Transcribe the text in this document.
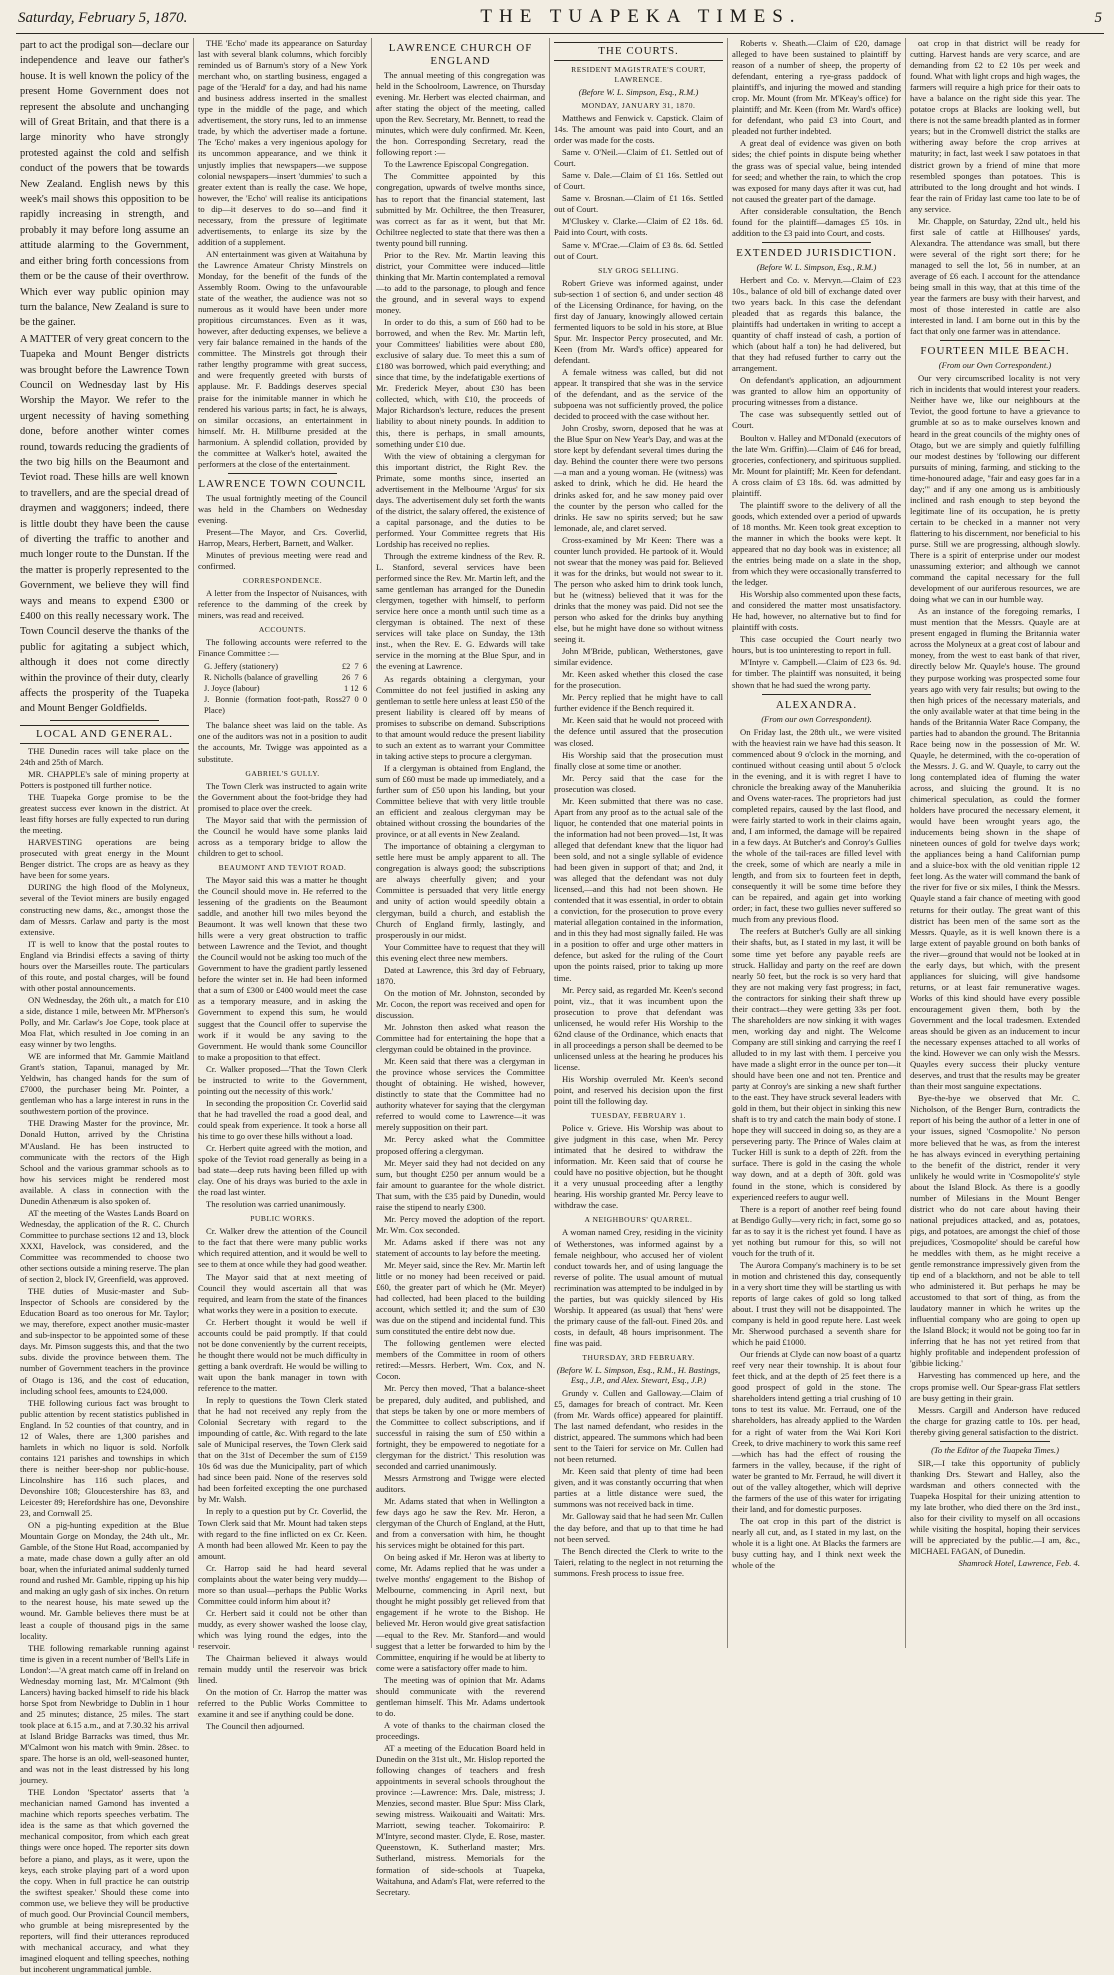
Saturday, February 5, 1870.	THE TUAPEKA TIMES.	5

part to act the prodigal son—declare our independence and leave our father's house. It is well known the policy of the present Home Government does not represent the absolute and unchanging will of Great Britain, and that there is a large minority who have strongly protested against the cold and selfish conduct of the powers that be towards New Zealand. English news by this week's mail shows this opposition to be rapidly increasing in strength, and probably it may before long assume an attitude alarming to the Government, and either bring forth concessions from them or be the cause of their overthrow. Which ever way public opinion may turn the balance, New Zealand is sure to be the gainer.

A MATTER of very great concern to the Tuapeka and Mount Benger districts was brought before the Lawrence Town Council on Wednesday last by His Worship the Mayor. We refer to the urgent necessity of having something done, before another winter comes round, towards reducing the gradients of the two big hills on the Beaumont and Teviot road. These hills are well known to travellers, and are the special dread of draymen and waggoners; indeed, there is little doubt they have been the cause of diverting the traffic to another and much longer route to the Dunstan. If the the matter is properly represented to the Government, we believe they will find ways and means to expend £300 or £400 on this really necessary work. The Town Council deserve the thanks of the public for agitating a subject which, although it does not come directly within the province of their duty, clearly affects the prosperity of the Tuapeka and Mount Benger Goldfields.

LOCAL AND GENERAL.

THE Dunedin races will take place on the 24th and 25th of March.

MR. CHAPPLE's sale of mining property at Potters is postponed till further notice.

THE Tuapeka Gorge promise to be the greatest success ever known in the district. At least fifty horses are fully expected to run during the meeting.

HARVESTING operations are being prosecuted with great energy in the Mount Benger district. The crops are as heavy as they have been for some years.

DURING the high flood of the Molyneux, several of the Teviot miners are busily engaged constructing new dams, &c., amongst those the dam of Messrs. Carlaw and party is the most extensive.

IT is well to know that the postal routes to England via Brindisi effects a saving of thirty hours over the Marseilles route. The particulars of this route, and postal charges, will be found with other postal announcements.

ON Wednesday, the 26th ult., a match for £10 a side, distance 1 mile, between Mr. M'Pherson's Polly, and Mr. Carlaw's Joe Cope, took place at Moa Flat, which resulted in Joe coming in an easy winner by two lengths.

WE are informed that Mr. Gammie Maitland Grant's station, Tapanui, managed by Mr. Yeldwin, has changed hands for the sum of £7000, the purchaser being Mr. Pointer, a gentleman who has a large interest in runs in the southwestern portion of the province.

THE Drawing Master for the province, Mr. Donald Hutton, arrived by the Christina M'Ausland. He has been instructed to communicate with the rectors of the High School and the various grammar schools as to how his services might be rendered most available. A class in connection with the Dunedin Athenæum is also spoken of.

AT the meeting of the Wastes Lands Board on Wednesday, the application of the R. C. Church Committee to purchase sections 12 and 13, block XXXI, Havelock, was considered, and the Committee was recommended to choose two other sections outside a mining reserve. The plan of section 2, block IV, Greenfield, was approved.

THE duties of Music-master and Sub-Inspector of Schools are considered by the Education Board as too onerous for Mr. Taylor; we may, therefore, expect another music-master and sub-inspector to be appointed some of these days. Mr. Pimson suggests this, and that the two subs. divide the province between them. The number of Government teachers in the province of Otago is 136, and the cost of education, including school fees, amounts to £24,000.

THE following curious fact was brought to public attention by recent statistics published in England. In 52 counties of that country, and in 12 of Wales, there are 1,300 parishes and hamlets in which no liquor is sold. Norfolk contains 121 parishes and townships in which there is neither beer-shop nor public-house. Lincolnshire has 116 such places, and Devonshire 108; Gloucestershire has 83, and Leicester 89; Herefordshire has one, Devonshire 23, and Cornwall 25.

ON a pig-hunting expedition at the Blue Mountain Gorge on Monday, the 24th ult., Mr. Gamble, of the Stone Hut Road, accompanied by a mate, made chase down a gully after an old boar, when the infuriated animal suddenly turned round and rushed Mr. Gamble, ripping up his hip and making an ugly gash of six inches. On return to the nearest house, his mate sewed up the wound. Mr. Gamble believes there must be at least a couple of thousand pigs in the same locality.

THE following remarkable running against time is given in a recent number of 'Bell's Life in London':—'A great match came off in Ireland on Wednesday morning last, Mr. M'Calmont (9th Lancers) having backed himself to ride his black horse Spot from Newbridge to Dublin in 1 hour and 25 minutes; distance, 25 miles. The start took place at 6.15 a.m., and at 7.30.32 his arrival at Island Bridge Barracks was timed, thus Mr. M'Calmont won his match with 9min. 28sec. to spare. The horse is an old, well-seasoned hunter, and was not in the least distressed by his long journey.

THE London 'Spectator' asserts that 'a mechanician named Gamond has invented a machine which reports speeches verbatim. The idea is the same as that which governed the mechanical compositor, from which each great things were once hoped. The reporter sits down before a piano, and plays, as it were, upon the keys, each stroke playing part of a word upon the copy. When in full practice he can outstrip the swiftest speaker.' Should these come into common use, we believe they will be productive of much good. Our Provincial Council members, who grumble at being misrepresented by the reporters, will find their utterances reproduced with mechanical accuracy, and what they imagined eloquent and telling speeches, nothing but incoherent ungrammatical jumble.

THE 'Echo' made its appearance on Saturday last with several blank columns, which forcibly reminded us of Barnum's story of a New York merchant who, on startling business, engaged a page of the 'Herald' for a day, and had his name and business address inserted in the smallest type in the middle of the page, and which advertisement, the story runs, led to an immense trade, by which the advertiser made a fortune. The 'Echo' makes a very ingenious apology for its uncommon appearance, and we think it unjustly implies that newspapers—we suppose colonial newspapers—insert 'dummies' to such a greater extent than is really the case. We hope, however, the 'Echo' will realise its anticipations to dip—it deserves to do so—and find it necessary, from the pressure of legitimate advertisements, to enlarge its size by the addition of a supplement.

AN entertainment was given at Waitahuna by the Lawrence Amateur Christy Minstrels on Monday, for the benefit of the funds of the Assembly Room. Owing to the unfavourable state of the weather, the audience was not so numerous as it would have been under more propitious circumstances. Even as it was, however, after deducting expenses, we believe a very fair balance remained in the hands of the committee. The Minstrels got through their rather lengthy programme with great success, and were frequently greeted with bursts of applause. Mr. F. Baddings deserves special praise for the inimitable manner in which he rendered his various parts; in fact, he is always, on similar occasions, an entertainment in himself. Mr. H. Millburne presided at the harmonium. A splendid collation, provided by the committee at Walker's hotel, awaited the performers at the close of the entertainment.

LAWRENCE TOWN COUNCIL

The usual fortnightly meeting of the Council was held in the Chambers on Wednesday evening.

Present—The Mayor, and Crs. Coverlid, Harrop, Mears, Herbert, Barnett, and Walker.

Minutes of previous meeting were read and confirmed.

CORRESPONDENCE.

A letter from the Inspector of Nuisances, with reference to the damming of the creek by miners, was read and received.

ACCOUNTS.

The following accounts were referred to the Finance Committee :—

G. Jeffery (stationery)	£2  7  6
R. Nicholls (balance of gravelling	26  7  6
J. Joyce (labour)	1 12  6
J. Bonnie (formation foot-path, Ross Place)
27  0  0

The balance sheet was laid on the table. As one of the auditors was not in a position to audit the accounts, Mr. Twigge was appointed as a substitute.

GABRIEL'S GULLY.

The Town Clerk was instructed to again write the Government about the foot-bridge they had promised to place over the creek.

The Mayor said that with the permission of the Council he would have some planks laid across as a temporary bridge to allow the children to get to school.

BEAUMONT AND TEVIOT ROAD.

The Mayor said this was a matter he thought the Council should move in. He referred to the lessening of the gradients on the Beaumont saddle, and another hill two miles beyond the Beaumont. It was well known that these two hills were a very great obstruction to traffic between Lawrence and the Teviot, and thought the Council would not be asking too much of the Government to have the gradient partly lessened before the winter set in. He had been informed that a sum of £300 or £400 would meet the case as a temporary measure, and in asking the Government to expend this sum, he would suggest that the Council offer to supervise the work if it would be any saving to the Government. He would thank some Councillor to make a proposition to that effect.

Cr. Walker proposed—'That the Town Clerk be instructed to write to the Government, pointing out the necessity of this work.'

In seconding the proposition Cr. Coverlid said that he had travelled the road a good deal, and could speak from experience. It took a horse all his time to go over these hills without a load.

Cr. Herbert quite agreed with the motion, and spoke of the Teviot road generally as being in a bad state—deep ruts having been filled up with clay. One of his drays was buried to the axle in the road last winter.

The resolution was carried unanimously.

PUBLIC WORKS.

Cr. Walker drew the attention of the Council to the fact that there were many public works which required attention, and it would be well to see to them at once while they had good weather.

The Mayor said that at next meeting of Council they would ascertain all that was required, and learn from the state of the finances what works they were in a position to execute.

Cr. Herbert thought it would be well if accounts could be paid promptly. If that could not be done conveniently by the current receipts, he thought there would not be much difficulty in getting a bank overdraft. He would be willing to wait upon the bank manager in town with reference to the matter.

In reply to questions the Town Clerk stated that he had not received any reply from the Colonial Secretary with regard to the impounding of cattle, &c. With regard to the late sale of Municipal reserves, the Town Clerk said that on the 31st of December the sum of £159 10s 6d was due the Municipality, part of which had since been paid. None of the reserves sold had been forfeited excepting the one purchased by Mr. Walsh.

In reply to a question put by Cr. Coverlid, the Town Clerk said that Mr. Mount had taken steps with regard to the fine inflicted on ex Cr. Keen. A month had been allowed Mr. Keen to pay the amount.

Cr. Harrop said he had heard several complaints about the water being very muddy—more so than usual—perhaps the Public Works Committee could inform him about it?

Cr. Herbert said it could not be other than muddy, as every shower washed the loose clay, which was lying round the edges, into the reservoir.

The Chairman believed it always would remain muddy until the reservoir was brick lined.

On the motion of Cr. Harrop the matter was referred to the Public Works Committee to examine it and see if anything could be done.

The Council then adjourned.

LAWRENCE CHURCH OF ENGLAND

The annual meeting of this congregation was held in the Schoolroom, Lawrence, on Thursday evening. Mr. Herbert was elected chairman, and after stating the object of the meeting, called upon the Rev. Secretary, Mr. Bennett, to read the minutes, which were duly confirmed. Mr. Keen, the hon. Corresponding Secretary, read the following report :—

To the Lawrence Episcopal Congregation.

The Committee appointed by this congregation, upwards of twelve months since, has to report that the financial statement, last submitted by Mr. Ochiltree, the then Treasurer, was correct as far as it went, but that Mr. Ochiltree neglected to state that there was then a twenty pound bill running.

Prior to the Rev. Mr. Martin leaving this district, your Committee were induced—little thinking that Mr. Martin contemplated a removal—to add to the parsonage, to plough and fence the ground, and in several ways to expend money.

In order to do this, a sum of £60 had to be borrowed, and when the Rev. Mr. Martin left, your Committees' liabilities were about £80, exclusive of salary due. To meet this a sum of £180 was borrowed, which paid everything; and since that time, by the indefatigable exertions of Mr. Frederick Meyer, about £30 has been collected, which, with £10, the proceeds of Major Richardson's lecture, reduces the present liability to about ninety pounds. In addition to this, there is perhaps, in small amounts, something under £10 due.

With the view of obtaining a clergyman for this important district, the Right Rev. the Primate, some months since, inserted an advertisement in the Melbourne 'Argus' for six days. The advertisement duly set forth the wants of the district, the salary offered, the existence of a capital parsonage, and the duties to be performed. Your Committee regrets that His Lordship has received no replies.

Through the extreme kindness of the Rev. R. L. Stanford, several services have been performed since the Rev. Mr. Martin left, and the same gentleman has arranged for the Dunedin clergymen, together with himself, to perform service here once a month until such time as a clergyman is obtained. The next of these services will take place on Sunday, the 13th inst., when the Rev. E. G. Edwards will take service in the morning at the Blue Spur, and in the evening at Lawrence.

As regards obtaining a clergyman, your Committee do not feel justified in asking any gentleman to settle here unless at least £50 of the present liability is cleared off by means of promises to subscribe on demand. Subscriptions to that amount would reduce the present liability to such an extent as to warrant your Committee in taking active steps to procure a clergyman.

If a clergyman is obtained from England, the sum of £60 must be made up immediately, and a further sum of £50 upon his landing, but your Committee believe that with very little trouble an efficient and zealous clergyman may be obtained without crossing the boundaries of the province, or at all events in New Zealand.

The importance of obtaining a clergyman to settle here must be amply apparent to all. The congregation is always good; the subscriptions are always cheerfully given; and your Committee is persuaded that very little energy and unity of action would speedily obtain a clergyman, build a church, and establish the Church of England firmly, lastingly, and prosperously in our midst.

Your Committee have to request that they will this evening elect three new members.

Dated at Lawrence, this 3rd day of February, 1870.

On the motion of Mr. Johnston, seconded by Mr. Cocon, the report was received and open for discussion.

Mr. Johnston then asked what reason the Committee had for entertaining the hope that a clergyman could be obtained in the province.

Mr. Keen said that there was a clergyman in the province whose services the Committee thought of obtaining. He wished, however, distinctly to state that the Committee had no authority whatever for saying that the clergyman referred to would come to Lawrence—it was merely supposition on their part.

Mr. Percy asked what the Committee proposed offering a clergyman.

Mr. Meyer said they had not decided on any sum, but thought £250 per annum would be a fair amount to guarantee for the whole district. That sum, with the £35 paid by Dunedin, would raise the stipend to nearly £300.

Mr. Percy moved the adoption of the report. Mr. Wm. Cox seconded.

Mr. Adams asked if there was not any statement of accounts to lay before the meeting.

Mr. Meyer said, since the Rev. Mr. Martin left little or no money had been received or paid. £60, the greater part of which he (Mr. Meyer) had collected, had been placed to the building account, which settled it; and the sum of £30 was due on the stipend and incidental fund. This sum constituted the entire debt now due.

The following gentlemen were elected members of the Committee in room of others retired:—Messrs. Herbert, Wm. Cox, and N. Cocon.

Mr. Percy then moved, 'That a balance-sheet be prepared, duly audited, and published, and that steps be taken by one or more members of the Committee to collect subscriptions, and if successful in raising the sum of £50 within a fortnight, they be empowered to negotiate for a clergyman for the district.' This resolution was seconded and carried unanimously.

Messrs Armstrong and Twigge were elected auditors.

Mr. Adams stated that when in Wellington a few days ago he saw the Rev. Mr. Heron, a clergyman of the Church of England, at the Hutt, and from a conversation with him, he thought his services might be obtained for this part.

On being asked if Mr. Heron was at liberty to come, Mr. Adams replied that he was under a twelve months' engagement to the Bishop of Melbourne, commencing in April next, but thought he might possibly get relieved from that engagement if he wrote to the Bishop. He believed Mr. Heron would give great satisfaction—equal to the Rev. Mr. Stanford—and would suggest that a letter be forwarded to him by the Committee, enquiring if he would be at liberty to come were a satisfactory offer made to him.

The meeting was of opinion that Mr. Adams should communicate with the reverend gentleman himself. This Mr. Adams undertook to do.

A vote of thanks to the chairman closed the proceedings.

AT a meeting of the Education Board held in Dunedin on the 31st ult., Mr. Hislop reported the following changes of teachers and fresh appointments in several schools throughout the province :—Lawrence: Mrs. Dale, mistress; J. Menzies, second master. Blue Spur: Miss Clark, sewing mistress. Waikouaiti and Waitati: Mrs. Marriott, sewing teacher. Tokomairiro: P. M'Intyre, second master. Clyde, E. Rose, master. Queenstown, K. Sutherland master; Mrs. Sutherland, mistress. Memorials for the formation of side-schools at Tuapeka, Waitahuna, and Adam's Flat, were referred to the Secretary.

THE COURTS.
RESIDENT MAGISTRATE'S COURT, LAWRENCE.
(Before W. L. Simpson, Esq., R.M.)
MONDAY, JANUARY 31, 1870.

Matthews and Fenwick v. Capstick. Claim of 14s. The amount was paid into Court, and an order was made for the costs.

Same v. O'Neil.—Claim of £1. Settled out of Court.

Same v. Dale.—Claim of £1 16s. Settled out of Court.

Same v. Brosnan.—Claim of £1 16s. Settled out of Court.

M'Cluskey v. Clarke.—Claim of £2 18s. 6d. Paid into Court, with costs.

Same v. M'Crae.—Claim of £3 8s. 6d. Settled out of Court.

SLY GROG SELLING.

Robert Grieve was informed against, under sub-section 1 of section 6, and under section 48 of the Licensing Ordinance, for having, on the first day of January, knowingly allowed certain fermented liquors to be sold in his store, at Blue Spur. Mr. Inspector Percy prosecuted, and Mr. Keen (from Mr. Ward's office) appeared for defendant.

A female witness was called, but did not appear. It transpired that she was in the service of the defendant, and as the service of the subpoena was not sufficiently proved, the police decided to proceed with the case without her.

John Crosby, sworn, deposed that he was at the Blue Spur on New Year's Day, and was at the store kept by defendant several times during the day. Behind the counter there were two persons—a man and a young woman. He (witness) was asked to drink, which he did. He heard the drinks asked for, and he saw money paid over the counter by the person who called for the drinks. He saw no spirits served; but he saw lemonade, ale, and claret served.

Cross-examined by Mr Keen: There was a counter lunch provided. He partook of it. Would not swear that the money was paid for. Believed it was for the drinks, but would not swear to it. The person who asked him to drink took lunch, but he (witness) believed that it was for the drinks that the money was paid. Did not see the person who asked for the drinks buy anything else, but he might have done so without witness seeing it.

John M'Bride, publican, Wetherstones, gave similar evidence.

Mr. Keen asked whether this closed the case for the prosecution.

Mr. Percy replied that he might have to call further evidence if the Bench required it.

Mr. Keen said that he would not proceed with the defence until assured that the prosecution was closed.

His Worship said that the prosecution must finally close at some time or another.

Mr. Percy said that the case for the prosecution was closed.

Mr. Keen submitted that there was no case. Apart from any proof as to the actual sale of the liquor, he contended that one material points in the information had not been proved—1st, It was alleged that defendant knew that the liquor had been sold, and not a single syllable of evidence had been given in support of that; and 2nd, it was alleged that the defendant was not duly licensed,—and this had not been shown. He contended that it was essential, in order to obtain a conviction, for the prosecution to prove every material allegation contained in the information, and in this they had most signally failed. He was in a position to offer and urge other matters in defence, but asked for the ruling of the Court upon the points raised, prior to taking up more time.

Mr. Percy said, as regarded Mr. Keen's second point, viz., that it was incumbent upon the prosecution to prove that defendant was unlicensed, he would refer His Worship to the 62nd clause of the Ordinance, which enacts that in all proceedings a person shall be deemed to be unlicensed unless at the hearing he produces his license.

His Worship overruled Mr. Keen's second point, and reserved his decision upon the first point till the following day.

TUESDAY, FEBRUARY 1.

Police v. Grieve. His Worship was about to give judgment in this case, when Mr. Percy intimated that he desired to withdraw the information. Mr. Keen said that of course he could have no positive objection, but he thought it a very unusual proceeding after a lengthy hearing. His worship granted Mr. Percy leave to withdraw the case.

A NEIGHBOURS' QUARREL.

A woman named Crey, residing in the vicinity of Wetherstones, was informed against by a female neighbour, who accused her of violent conduct towards her, and of using language the reverse of polite. The usual amount of mutual recrimination was attempted to be indulged in by the parties, but was quickly silenced by His Worship. It appeared (as usual) that 'hens' were the primary cause of the fall-out. Fined 20s. and costs, in default, 48 hours imprisonment. The fine was paid.

THURSDAY, 3RD FEBRUARY.
(Before W. L. Simpson, Esq., R.M., H. Bastings, Esq., J.P., and Alex. Stewart, Esq., J.P.)

Grundy v. Cullen and Galloway.—Claim of £5, damages for breach of contract. Mr. Keen (from Mr. Wards office) appeared for plaintiff. The last named defendant, who resides in the district, appeared. The summons which had been sent to the Taieri for service on Mr. Cullen had not been returned.

Mr. Keen said that plenty of time had been given, and it was constantly occurring that when parties at a little distance were sued, the summons was not received back in time.

Mr. Galloway said that he had seen Mr. Cullen the day before, and that up to that time he had not been served.

The Bench directed the Clerk to write to the Taieri, relating to the neglect in not returning the summons. Fresh process to issue free.

Roberts v. Sheath.—Claim of £20, damage alleged to have been sustained to plaintiff by reason of a number of sheep, the property of defendant, entering a rye-grass paddock of plaintiff's, and injuring the mowed and standing crop. Mr. Mount (from Mr. M'Keay's office) for plaintiff; and Mr. Keen (from Mr. Ward's office) for defendant, who paid £3 into Court, and pleaded not further indebted.

A great deal of evidence was given on both sides; the chief points in dispute being whether the grass was of special value, being intended for seed; and whether the rain, to which the crop was exposed for many days after it was cut, had not caused the greater part of the damage.

After considerable consultation, the Bench found for the plaintiff—damages £5 10s. in addition to the £3 paid into Court, and costs.

EXTENDED JURISDICTION.
(Before W. L. Simpson, Esq., R.M.)

Herbert and Co. v. Mervyn.—Claim of £23 10s., balance of old bill of exchange dated over two years back. In this case the defendant pleaded that as regards this balance, the plaintiffs had undertaken in writing to accept a quantity of chaff instead of cash, a portion of which (about half a ton) he had delivered, but that they had refused further to carry out the arrangement.

On defendant's application, an adjournment was granted to allow him an opportunity of procuring witnesses from a distance.

The case was subsequently settled out of Court.

Boulton v. Halley and M'Donald (executors of the late Wm. Griffin).—Claim of £46 for bread, groceries, confectionery, and spirituous supplied. Mr. Mount for plaintiff; Mr. Keen for defendant. A cross claim of £3 18s. 6d. was admitted by plaintiff.

The plaintiff swore to the delivery of all the goods, which extended over a period of upwards of 18 months. Mr. Keen took great exception to the manner in which the books were kept. It appeared that no day book was in existence; all the entries being made on a slate in the shop, from which they were occasionally transferred to the ledger.

His Worship also commented upon these facts, and considered the matter most unsatisfactory. He had, however, no alternative but to find for plaintiff with costs.

This case occupied the Court nearly two hours, but is too uninteresting to report in full.

M'Intyre v. Campbell.—Claim of £23 6s. 9d. for timber. The plaintiff was nonsuited, it being shown that he had sued the wrong party.

ALEXANDRA.
(From our own Correspondent).

On Friday last, the 28th ult., we were visited with the heaviest rain we have had this season. It commenced about 9 o'clock in the morning, and continued without ceasing until about 5 o'clock in the evening, and it is with regret I have to chronicle the breaking away of the Manuherikia and Ovens water-races. The proprietors had just completed repairs, caused by the last flood, and were fairly started to work in their claims again, and, I am informed, the damage will be repaired in a few days. At Butcher's and Conroy's Gullies the whole of the tail-races are filled level with the creek, some of which are nearly a mile in length, and from six to fourteen feet in depth, consequently it will be some time before they can be repaired, and again get into working order; in fact, these two gullies never suffered so much from any previous flood.

The reefers at Butcher's Gully are all sinking their shafts, but, as I stated in my last, it will be some time yet before any payable reefs are struck. Halliday and party on the reef are down nearly 50 feet, but the rock is so very hard that they are not making very fast progress; in fact, the contractors for sinking their shaft threw up their contract—they were getting 33s per foot. The shareholders are now sinking it with wages men, working day and night. The Welcome Company are still sinking and carrying the reef I alluded to in my last with them. I perceive you have made a slight error in the ounce per ton—it should have been one and not ten. Prentice and party at Conroy's are sinking a new shaft further to the east. They have struck several leaders with gold in them, but their object in sinking this new shaft is to try and catch the main body of stone. I hope they will succeed in doing so, as they are a persevering party. The Prince of Wales claim at Tucker Hill is sunk to a depth of 22ft. from the surface. There is gold in the casing the whole way down, and at a depth of 30ft. gold was found in the stone, which is considered by experienced reefers to augur well.

There is a report of another reef being found at Bendigo Gully—very rich; in fact, some go so far as to say it is the richest yet found. I have as yet nothing but rumour for this, so will not vouch for the truth of it.

The Aurora Company's machinery is to be set in motion and christened this day, consequently in a very short time they will be startling us with reports of large cakes of gold so long talked about. I trust they will not be disappointed. The company is held in good repute here. Last week Mr. Sherwood purchased a seventh share for which he paid £1000.

Our friends at Clyde can now boast of a quartz reef very near their township. It is about four feet thick, and at the depth of 25 feet there is a good prospect of gold in the stone. The shareholders intend getting a trial crushing of 10 tons to test its value. Mr. Ferraud, one of the shareholders, has already applied to the Warden for a right of water from the Wai Kori Kori Creek, to drive machinery to work this same reef—which has had the effect of rousing the farmers in the valley, because, if the right of water be granted to Mr. Ferraud, he will divert it out of the valley altogether, which will deprive the farmers of the use of this water for irrigating their land, and for domestic purposes.

The oat crop in this part of the district is nearly all cut, and, as I stated in my last, on the whole it is a light one. At Blacks the farmers are busy cutting hay, and I think next week the whole of the

oat crop in that district will be ready for cutting. Harvest hands are very scarce, and are demanding from £2 to £2 10s per week and found. What with light crops and high wages, the farmers will require a high price for their oats to have a balance on the right side this year. The potatoe crops at Blacks are looking well, but there is not the same breadth planted as in former years; but in the Cromwell district the stalks are withering away before the crop arrives at maturity; in fact, last week I saw potatoes in that district grown by a friend of mine that more resembled sponges than potatoes. This is attributed to the long drought and hot winds. I fear the rain of Friday last came too late to be of any service.

Mr. Chapple, on Saturday, 22nd ult., held his first sale of cattle at Hillhouses' yards, Alexandra. The attendance was small, but there were several of the right sort there; for he managed to sell the lot, 56 in number, at an average of £6 each. I account for the attendance being small in this way, that at this time of the year the farmers are busy with their harvest, and most of those interested in cattle are also interested in land. I am borne out in this by the fact that only one farmer was in attendance.

FOURTEEN MILE BEACH.
(From our Own Correspondent.)

Our very circumscribed locality is not very rich in incidents that would interest your readers. Neither have we, like our neighbours at the Teviot, the good fortune to have a grievance to grumble at so as to make ourselves known and heard in the great councils of the mighty ones of Otago, but we are simply and quietly fulfilling our modest destines by 'following our different pursuits of mining, farming, and sticking to the time-honoured adage, "fair and easy goes far in a day;"' and if any one among us is ambitiously inclined and rash enough to step beyond the legitimate line of its occupation, he is pretty certain to be checked in a manner not very flattering to his discernment, nor beneficial to his purse. Still we are progressing, although slowly. There is a spirit of enterprise under our modest unassuming exterior; and although we cannot command the capital necessary for the full development of our auriferous resources, we are doing what we can in our humble way.

As an instance of the foregoing remarks, I must mention that the Messrs. Quayle are at present engaged in fluming the Britannia water across the Molyneux at a great cost of labour and money, from the west to east bank of that river, directly below Mr. Quayle's house. The ground they purpose working was prospected some four years ago with very fair results; but owing to the then high prices of the necessary materials, and the only available water at that time being in the hands of the Britannia Water Race Company, the parties had to abandon the ground. The Britannia Race being now in the possession of Mr. W. Quayle, he determined, with the co-operation of the Messrs. J. G. and W. Quayle, to carry out the long contemplated idea of fluming the water across, and sluicing the ground. It is no chimerical speculation, as could the former holders have procured the necessary element, it would have been wrought years ago, the inducements being shown in the shape of nineteen ounces of gold for twelve days work; the appliances being a hand Californian pump and a sluice-box with the old venitian ripple 12 feet long. As the water will command the bank of the river for five or six miles, I think the Messrs. Quayle stand a fair chance of meeting with good returns for their outlay. The great want of this district has been men of the same sort as the Messrs. Quayle, as it is well known there is a large extent of payable ground on both banks of the river—ground that would not be looked at in the early days, but which, with the present appliances for sluicing, will give handsome returns, or at least fair remunerative wages. Works of this kind should have every possible encouragement given them, both by the Government and the local tradesmen. Extended areas should be given as an inducement to incur the necessary expenses attached to all works of the kind. However we can only wish the Messrs. Quayles every success their plucky venture deserves, and trust that the results may be greater than their most sanguine expectations.

Bye-the-bye we observed that Mr. C. Nicholson, of the Benger Burn, contradicts the report of his being the author of a letter in one of your issues, signed 'Cosmopolite.' No person more believed that he was, as from the interest he has always evinced in everything pertaining to the benefit of the district, render it very unlikely he would write in 'Cosmopolite's' style about the Island Block. As there is a goodly number of Milesians in the Mount Benger district who do not care about having their national prejudices attacked, and as, potatoes, pigs, and potatoes, are amongst the chief of those prejudices, 'Cosmopolite' should be careful how he meddles with them, as he might receive a gentle remonstrance impressively given from the tip end of a blackthorn, and not be able to tell who administered it. But perhaps he may be accustomed to that sort of thing, as from the laudatory manner in which he writes up the influential company who are going to open up the Island Block; it would not be going too far in inferring that he has not yet retired from that highly profitable and independent profession of 'gibbie licking.'

Harvesting has commenced up here, and the crops promise well. Our Spear-grass Flat settlers are busy getting in their grain.

Messrs. Cargill and Anderson have reduced the charge for grazing cattle to 10s. per head, thereby giving general satisfaction to the district.

(To the Editor of the Tuapeka Times.)

SIR,—I take this opportunity of publicly thanking Drs. Stewart and Halley, also the wardsman and others connected with the Tuapeka Hospital for their unizing attention to my late brother, who died there on the 3rd inst., also for their civility to myself on all occasions while visiting the hospital, hoping their services will be appreciated by the public.—I am, &c., MICHAEL FAGAN, of Dunedin.

Shamrock Hotel, Lawrence, Feb. 4.
